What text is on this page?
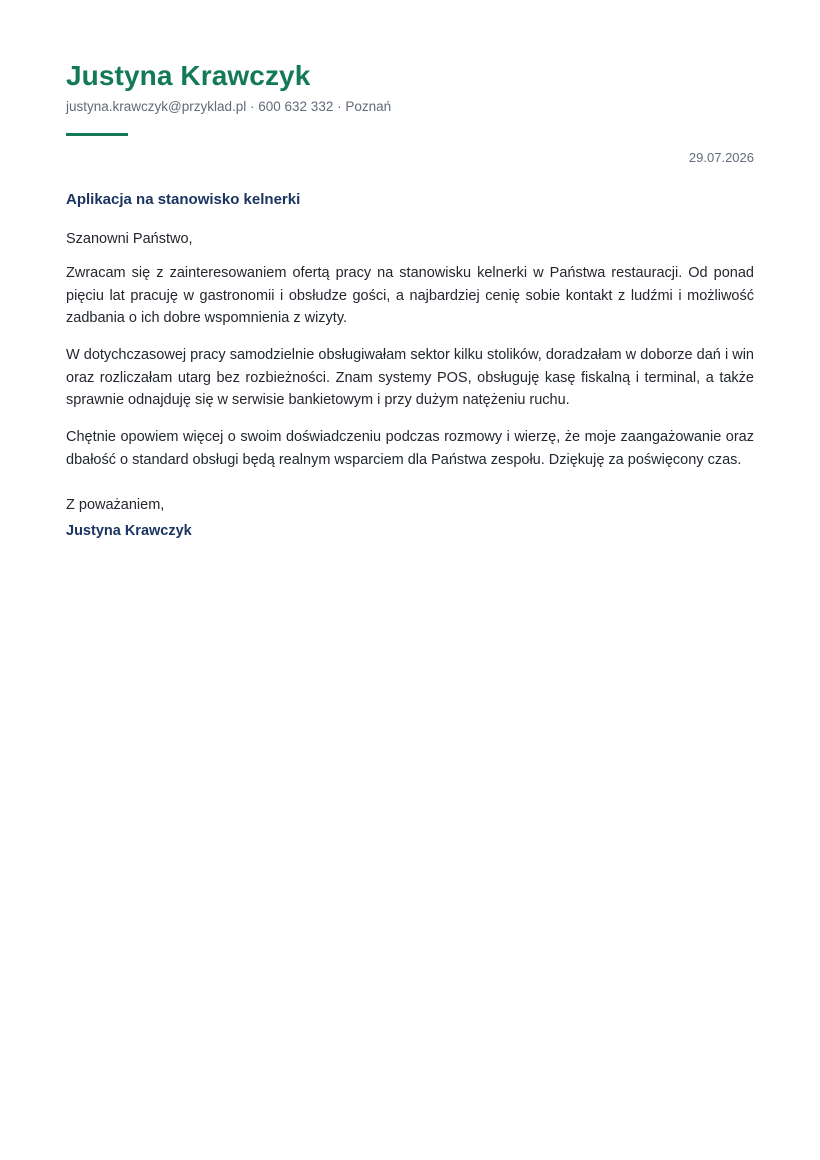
Justyna Krawczyk
justyna.krawczyk@przyklad.pl · 600 632 332 · Poznań
29.07.2026
Aplikacja na stanowisko kelnerki
Szanowni Państwo,

Zwracam się z zainteresowaniem ofertą pracy na stanowisku kelnerki w Państwa restauracji. Od ponad pięciu lat pracuję w gastronomii i obsłudze gości, a najbardziej cenię sobie kontakt z ludźmi i możliwość zadbania o ich dobre wspomnienia z wizyty.

W dotychczasowej pracy samodzielnie obsługiwałam sektor kilku stolików, doradzałam w doborze dań i win oraz rozliczałam utarg bez rozbieżności. Znam systemy POS, obsługuję kasę fiskalną i terminal, a także sprawnie odnajduję się w serwisie bankietowym i przy dużym natężeniu ruchu.

Chętnie opowiem więcej o swoim doświadczeniu podczas rozmowy i wierzę, że moje zaangażowanie oraz dbałość o standard obsługi będą realnym wsparciem dla Państwa zespołu. Dziękuję za poświęcony czas.

Z poważaniem,
Justyna Krawczyk
